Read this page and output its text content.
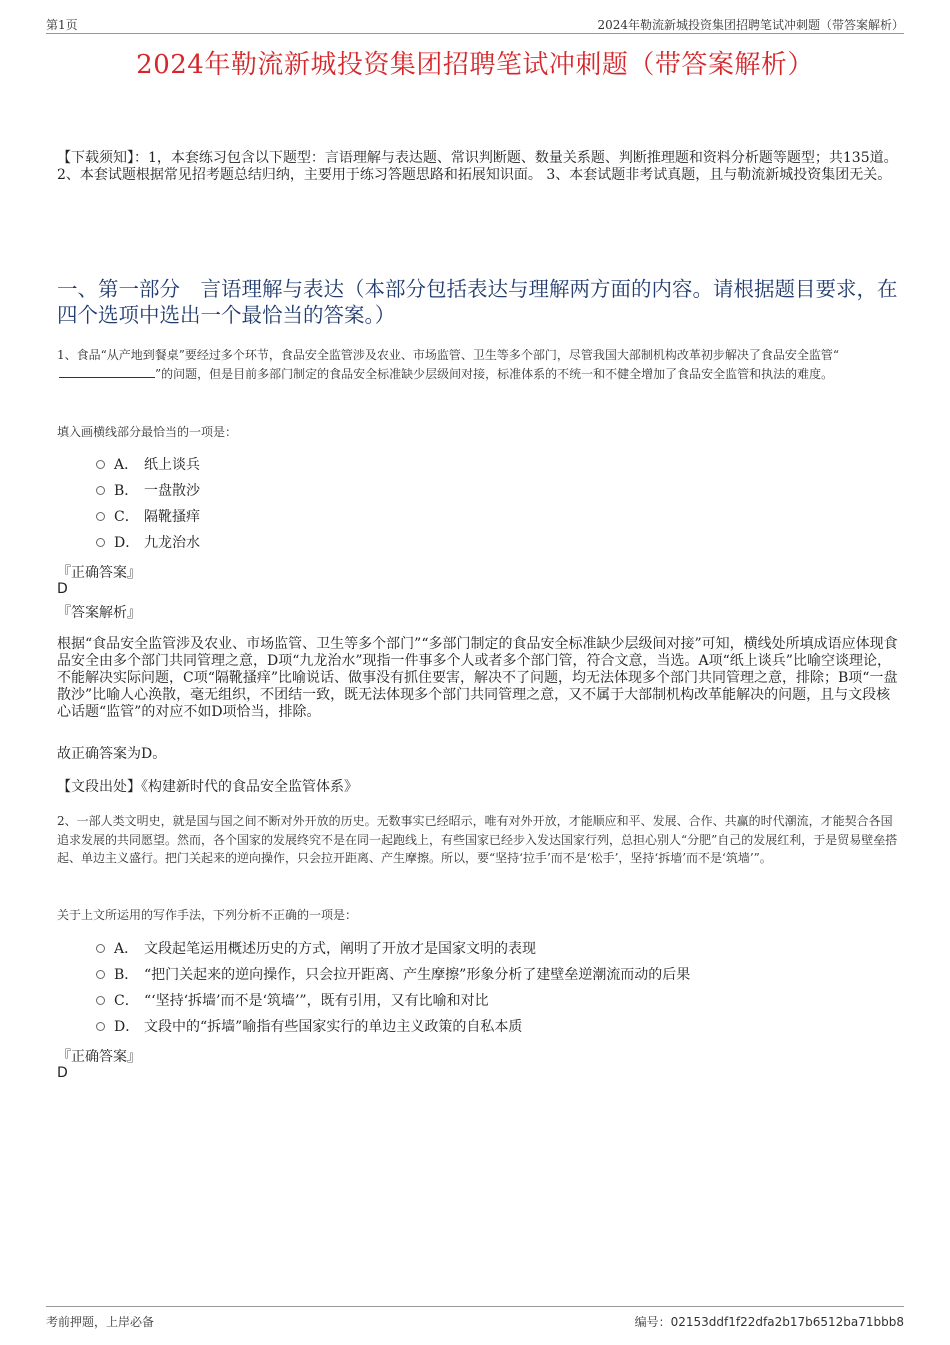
第1页	2024年勒流新城投资集团招聘笔试冲刺题（带答案解析）
2024年勒流新城投资集团招聘笔试冲刺题（带答案解析）
【下载须知】：1，本套练习包含以下题型：言语理解与表达题、常识判断题、数量关系题、判断推理题和资料分析题等题型；共135道。 2、本套试题根据常见招考题总结归纳，主要用于练习答题思路和拓展知识面。 3、本套试题非考试真题，且与勒流新城投资集团无关。
一、第一部分　言语理解与表达（本部分包括表达与理解两方面的内容。请根据题目要求，在四个选项中选出一个最恰当的答案。）
1、食品“从产地到餐桌”要经过多个环节，食品安全监管涉及农业、市场监管、卫生等多个部门，尽管我国大部制机构改革初步解决了食品安全监管“”的问题，但是目前多部门制定的食品安全标准缺少层级间对接，标准体系的不统一和不健全增加了食品安全监管和执法的难度。
填入画横线部分最恰当的一项是：
A． 纸上谈兵
B． 一盘散沙
C． 隔靴搔痒
D． 九龙治水
『正确答案』
D
『答案解析』
根据“食品安全监管涉及农业、市场监管、卫生等多个部门”“多部门制定的食品安全标准缺少层级间对接”可知，横线处所填成语应体现食品安全由多个部门共同管理之意，D项“九龙治水”现指一件事多个人或者多个部门管，符合文意，当选。A项“纸上谈兵”比喻空谈理论，不能解决实际问题，C项“隔靴搔痒”比喻说话、做事没有抓住要害，解决不了问题，均无法体现多个部门共同管理之意，排除；B项“一盘散沙”比喻人心涣散，毫无组织，不团结一致，既无法体现多个部门共同管理之意，又不属于大部制机构改革能解决的问题，且与文段核心话题“监管”的对应不如D项恰当，排除。
故正确答案为D。
【文段出处】《构建新时代的食品安全监管体系》
2、一部人类文明史，就是国与国之间不断对外开放的历史。无数事实已经昭示，唯有对外开放，才能顺应和平、发展、合作、共赢的时代潮流，才能契合各国追求发展的共同愿望。然而，各个国家的发展终究不是在同一起跑线上，有些国家已经步入发达国家行列，总担心别人“分肥”自己的发展红利，于是贸易壁垒搭起、单边主义盛行。把门关起来的逆向操作，只会拉开距离、产生摩擦。所以，要“坚持‘拉手’而不是‘松手’，坚持‘拆墙’而不是‘筑墙’”。
关于上文所运用的写作手法，下列分析不正确的一项是：
A． 文段起笔运用概述历史的方式，阐明了开放才是国家文明的表现
B． “把门关起来的逆向操作，只会拉开距离、产生摩擦”形象分析了建壁垒逆潮流而动的后果
C． “‘坚持‘拆墙’而不是‘筑墙’”，既有引用，又有比喻和对比
D． 文段中的“拆墙”喻指有些国家实行的单边主义政策的自私本质
『正确答案』
D
考前押题，上岸必备	编号：02153ddf1f22dfa2b17b6512ba71bbb8
